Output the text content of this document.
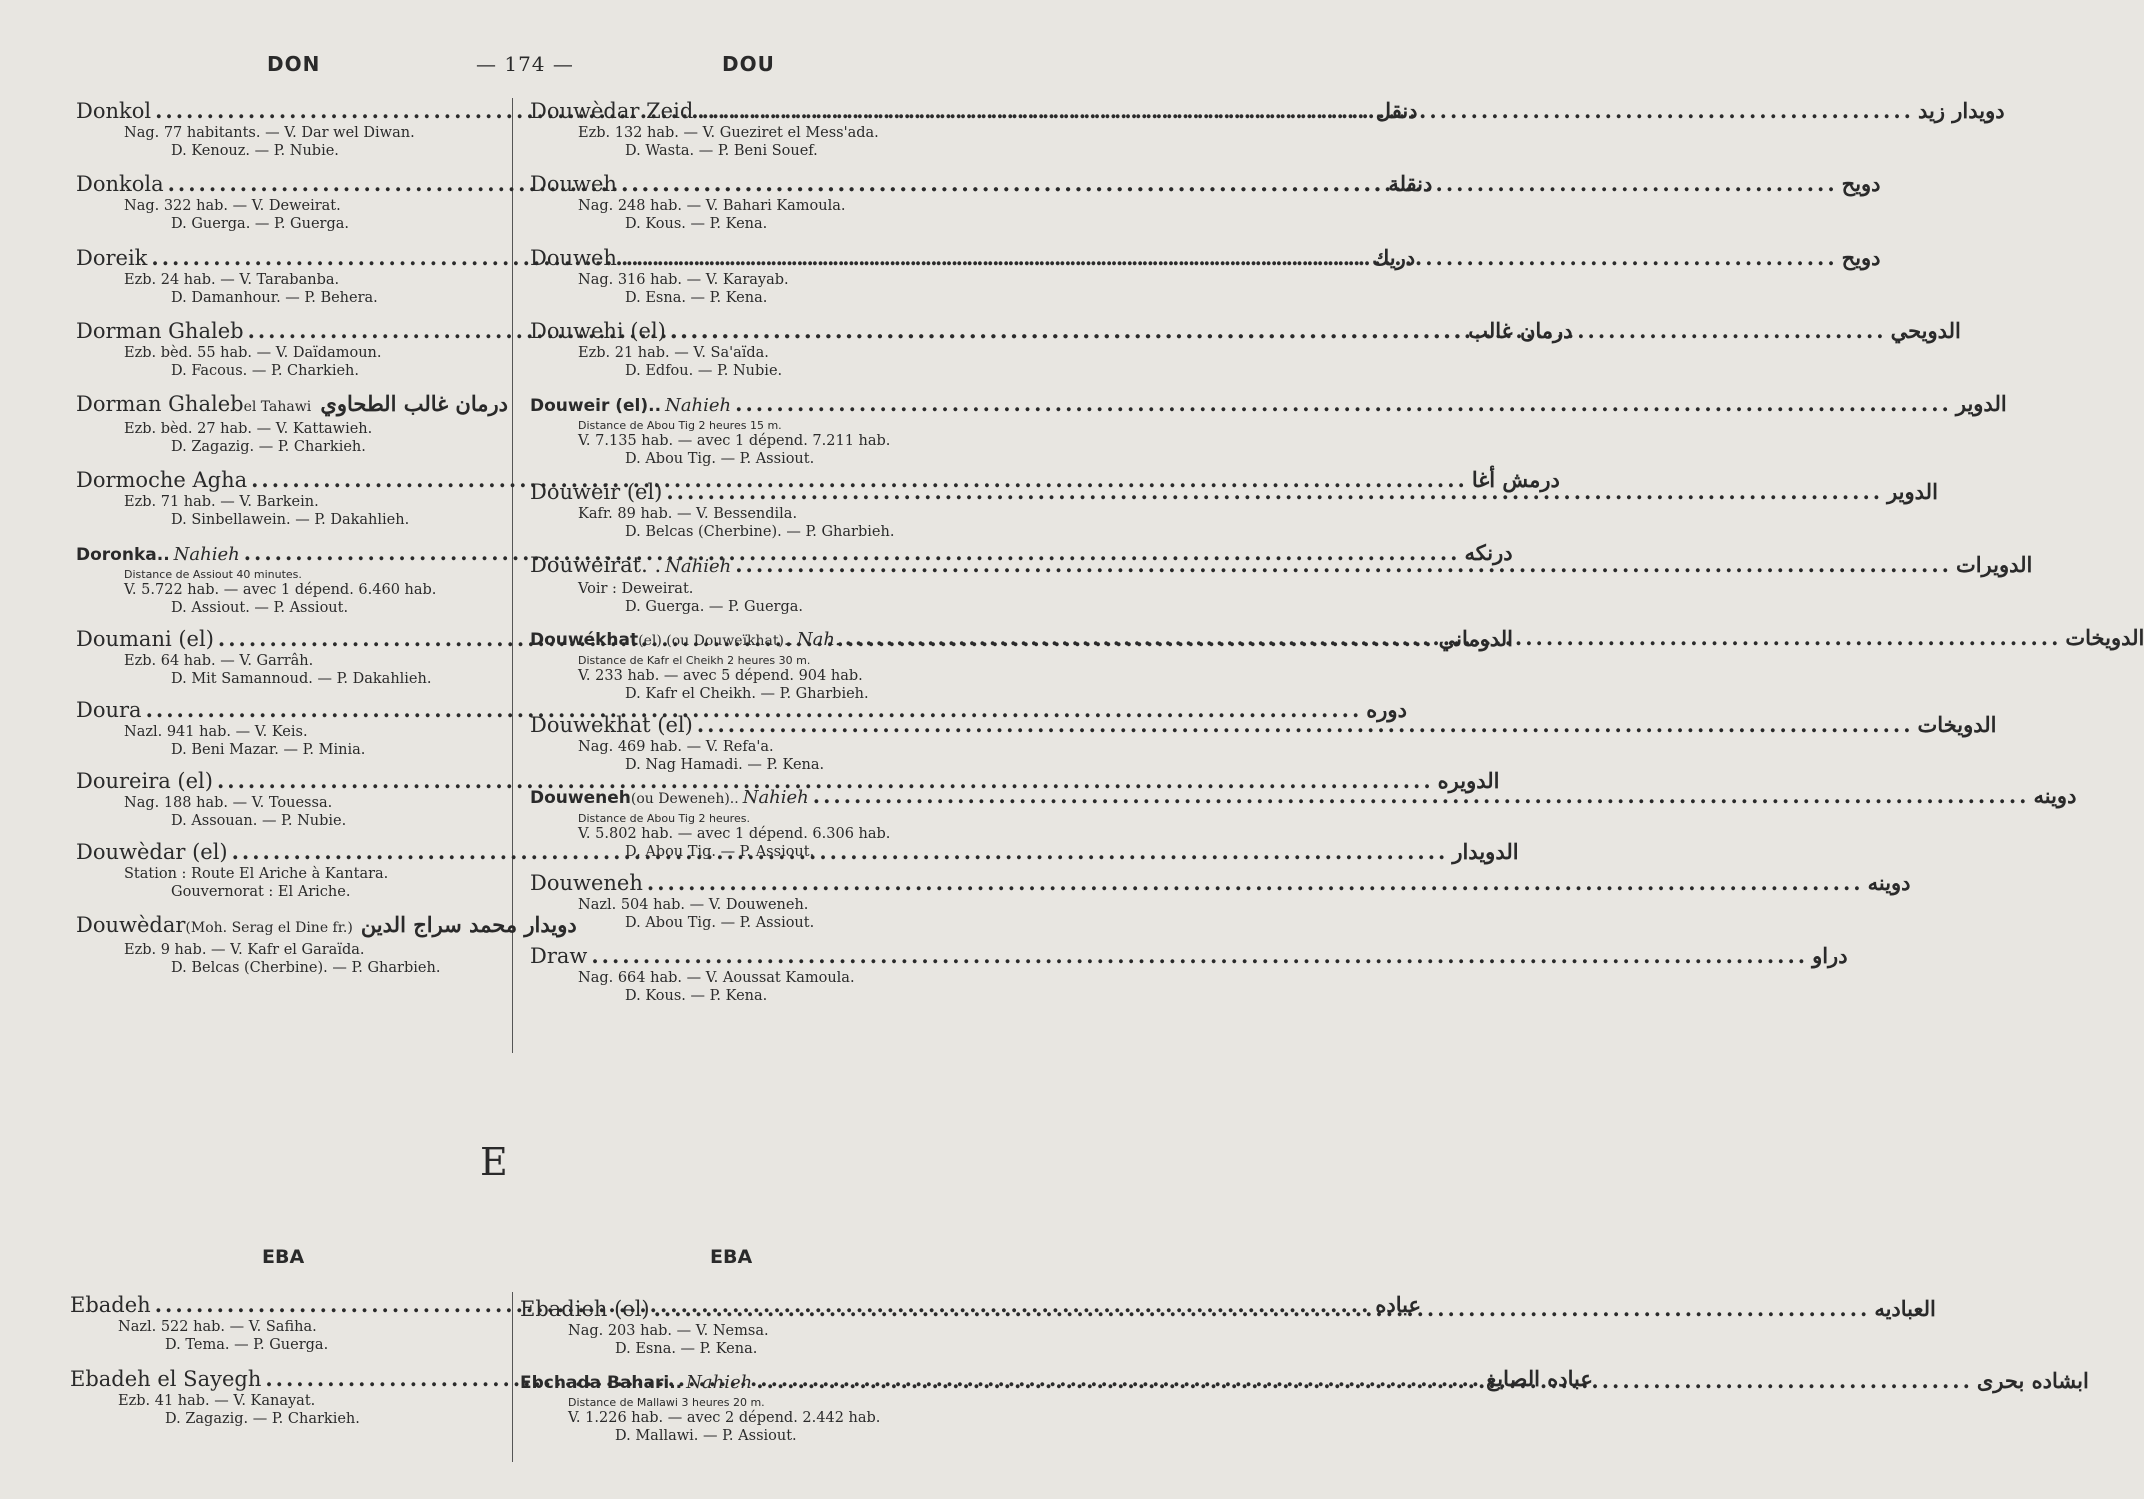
DON	— 174 —	DOU
Donkol .....	دنقل
Nag. 77 habitants. — V. Dar wel Diwan.
D. Kenouz. — P. Nubie.
Donkola .....	دنقلة
Nag. 322 hab. — V. Deweirat.
D. Guerga. — P. Guerga.
Doreik .....	دريك
Ezb. 24 hab. — V. Tarabanba.
D. Damanhour. — P. Behera.
Dorman Ghaleb .....	درمان غالب
Ezb. bèd. 55 hab. — V. Daïdamoun.
D. Facous. — P. Charkieh.
Dorman Ghaleb el Tahawi ..... درمان غالب الطحاوي
Ezb. bèd. 27 hab. — V. Kattawieh.
D. Zagazig. — P. Charkieh.
Dormoche Agha .....	درمش أغا
Ezb. 71 hab. — V. Barkein.
D. Sinbellawein. — P. Dakahlieh.
Doronka.. Nahieh .....	درنكه
Distance de Assiout 40 minutes.
V. 5.722 hab. — avec 1 dépend. 6.460 hab.
D. Assiout. — P. Assiout.
Doumani (el) .....	الدوماني
Ezb. 64 hab. — V. Garrâh.
D. Mit Samannoud. — P. Dakahlieh.
Doura .....	دوره
Nazl. 941 hab. — V. Keis.
D. Beni Mazar. — P. Minia.
Doureira (el) .....	الدويره
Nag. 188 hab. — V. Touessa.
D. Assouan. — P. Nubie.
Douwèdar (el) .....	الدويدار
Station : Route El Ariche à Kantara.
Gouvernorat : El Ariche.
Douwèdar (Moh. Serag el Dine fr.) دويدار محمد سراج الدين
Ezb. 9 hab. — V. Kafr el Garaïda.
D. Belcas (Cherbine). — P. Gharbieh.
Douwèdar Zeid .....	دويدار زيد
Ezb. 132 hab. — V. Gueziret el Mess'ada.
D. Wasta. — P. Beni Souef.
Douweh .....	دويح
Nag. 248 hab. — V. Bahari Kamoula.
D. Kous. — P. Kena.
Douweh .....	دويح
Nag. 316 hab. — V. Karayab.
D. Esna. — P. Kena.
Douwehi (el) .....	الدويحي
Ezb. 21 hab. — V. Sa'aïda.
D. Edfou. — P. Nubie.
Douweir (el).. Nahieh .....	الدوير
Distance de Abou Tig 2 heures 15 m.
V. 7.135 hab. — avec 1 dépend. 7.211 hab.
D. Abou Tig. — P. Assiout.
Douweir (el) .....	الدوير
Kafr. 89 hab. — V. Bessendila.
D. Belcas (Cherbine). — P. Gharbieh.
Douweirat. . Nahieh .....	الدويرات
Voir : Deweirat.
D. Guerga. — P. Guerga.
Douwékhat (el) (ou Douweïkhat).. Nah. .....	الدويخات
Distance de Kafr el Cheikh 2 heures 30 m.
V. 233 hab. — avec 5 dépend. 904 hab.
D. Kafr el Cheikh. — P. Gharbieh.
Douwekhat (el) .....	الدويخات
Nag. 469 hab. — V. Refa'a.
D. Nag Hamadi. — P. Kena.
Douweneh (ou Deweneh).. Nahieh .....	دوينه
Distance de Abou Tig 2 heures.
V. 5.802 hab. — avec 1 dépend. 6.306 hab.
D. Abou Tig. — P. Assiout.
Douweneh .....	دوينه
Nazl. 504 hab. — V. Douweneh.
D. Abou Tig. — P. Assiout.
Draw .....	دراو
Nag. 664 hab. — V. Aoussat Kamoula.
D. Kous. — P. Kena.
E
EBA	EBA
Ebadeh .....	عباده
Nazl. 522 hab. — V. Safiha.
D. Tema. — P. Guerga.
Ebadeh el Sayegh .....	عباده الصايغ
Ezb. 41 hab. — V. Kanayat.
D. Zagazig. — P. Charkieh.
Ebadieh (el) .....	العباديه
Nag. 203 hab. — V. Nemsa.
D. Esna. — P. Kena.
Ebchada Bahari.. Nahieh .....	ابشاده بحرى
Distance de Mallawi 3 heures 20 m.
V. 1.226 hab. — avec 2 dépend. 2.442 hab.
D. Mallawi. — P. Assiout.
